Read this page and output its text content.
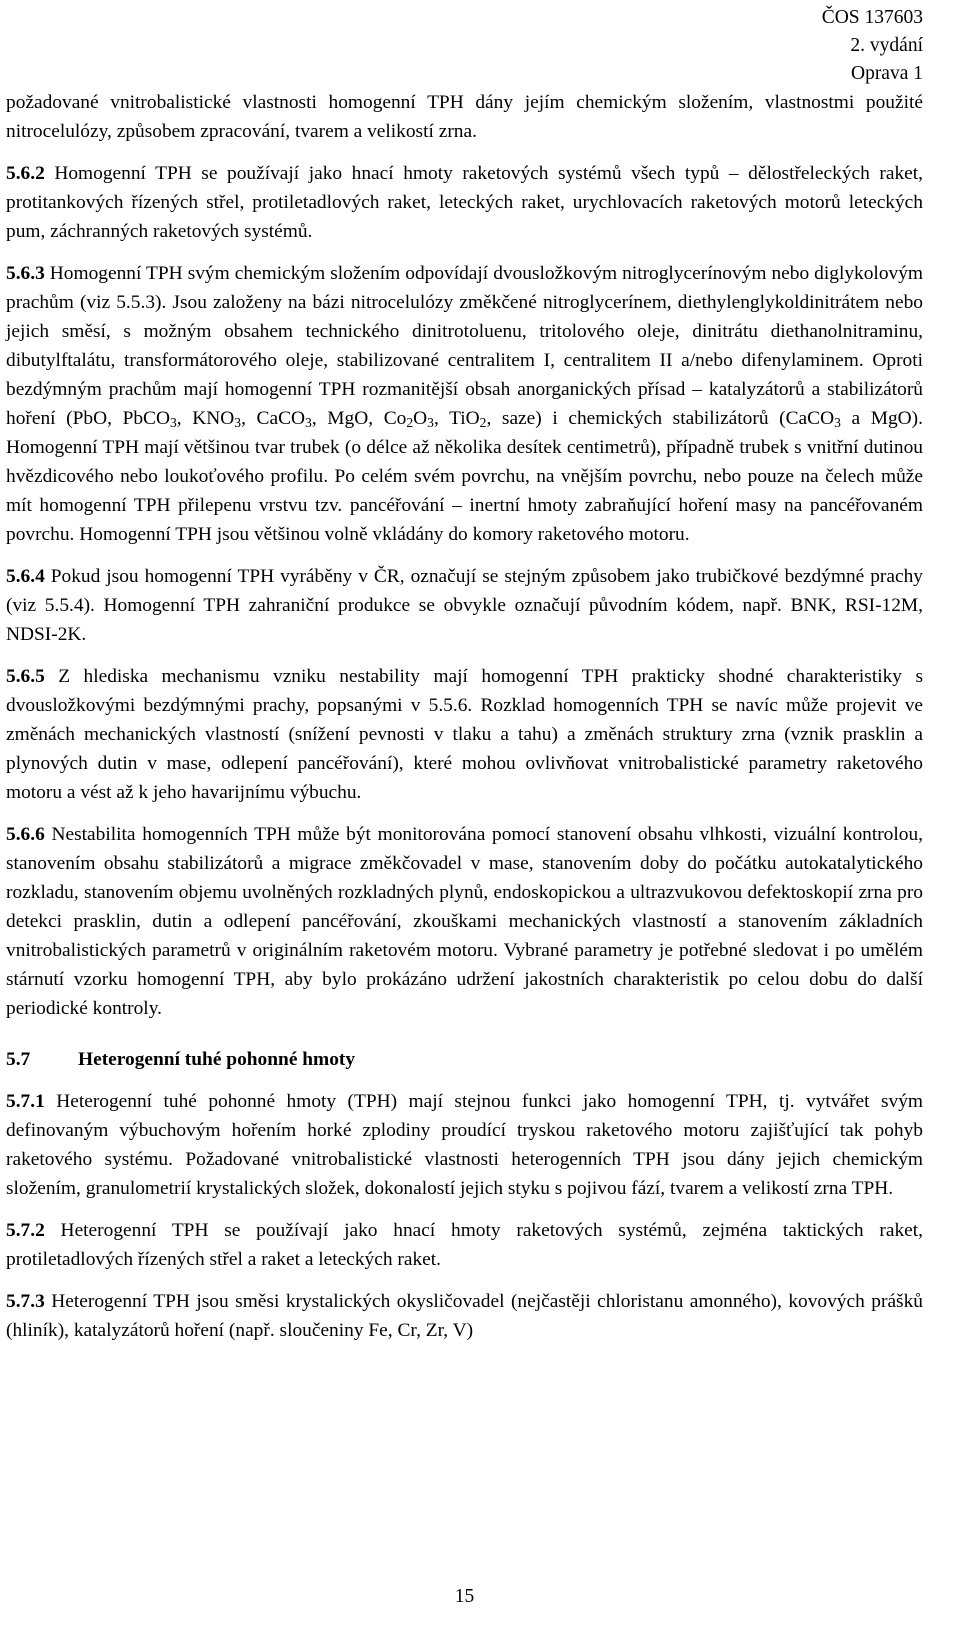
ČOS 137603
2. vydání
Oprava 1

požadované vnitrobalistické vlastnosti homogenní TPH dány jejím chemickým složením, vlastnostmi použité nitrocelulózy, způsobem zpracování, tvarem a velikostí zrna.

5.6.2 Homogenní TPH se používají jako hnací hmoty raketových systémů všech typů – dělostřeleckých raket, protitankových řízených střel, protiletadlových raket, leteckých raket, urychlovacích raketových motorů leteckých pum, záchranných raketových systémů.

5.6.3 Homogenní TPH svým chemickým složením odpovídají dvousložkovým nitroglycerínovým nebo diglykolovým prachům (viz 5.5.3). Jsou založeny na bázi nitrocelulózy změkčené nitroglycerínem, diethylenglykoldinitrátem nebo jejich směsí, s možným obsahem technického dinitrotoluenu, tritolového oleje, dinitrátu diethanolnitraminu, dibutylftalátu, transformátorového oleje, stabilizované centralitem I, centralitem II a/nebo difenylaminem. Oproti bezdýmným prachům mají homogenní TPH rozmanitější obsah anorganických přísad – katalyzátorů a stabilizátorů hoření (PbO, PbCO$_3$, $KNO_3$, CaCO$_3$, MgO, $Co_2O_3$, TiO$_2$, saze) i chemických stabilizátorů (CaCO$_3$ a MgO). Homogenní TPH mají většinou tvar trubek (o délce až několika desítek centimetrů), případně trubek s vnitřní dutinou hvězdicového nebo loukoťového profilu. Po celém svém povrchu, na vnějším povrchu, nebo pouze na čelech může mít homogenní TPH přilepenu vrstvu tzv. pancéřování – inertní hmoty zabraňující hoření masy na pancéřovaném povrchu. Homogenní TPH jsou většinou volně vkládány do komory raketového motoru.

5.6.4 Pokud jsou homogenní TPH vyráběny v ČR, označují se stejným způsobem jako trubičkové bezdýmné prachy (viz 5.5.4). Homogenní TPH zahraniční produkce se obvykle označují původním kódem, např. BNK, RSI-12M, NDSI-2K.

5.6.5 Z hlediska mechanismu vzniku nestability mají homogenní TPH prakticky shodné charakteristiky s dvousložkovými bezdýmnými prachy, popsanými v 5.5.6. Rozklad homogenních TPH se navíc může projevit ve změnách mechanických vlastností (snížení pevnosti v tlaku a tahu) a změnách struktury zrna (vznik prasklin a plynových dutin v mase, odlepení pancéřování), které mohou ovlivňovat vnitrobalistické parametry raketového motoru a vést až k jeho havarijnímu výbuchu.

5.6.6 Nestabilita homogenních TPH může být monitorována pomocí stanovení obsahu vlhkosti, vizuální kontrolou, stanovením obsahu stabilizátorů a migrace změkčovadel v mase, stanovením doby do počátku autokatalytického rozkladu, stanovením objemu uvolněných rozkladných plynů, endoskopickou a ultrazvukovou defektoskopií zrna pro detekci prasklin, dutin a odlepení pancéřování, zkouškami mechanických vlastností a stanovením základních vnitrobalistických parametrů v originálním raketovém motoru. Vybrané parametry je potřebné sledovat i po umělém stárnutí vzorku homogenní TPH, aby bylo prokázáno udržení jakostních charakteristik po celou dobu do další periodické kontroly.

5.7 Heterogenní tuhé pohonné hmoty

5.7.1 Heterogenní tuhé pohonné hmoty (TPH) mají stejnou funkci jako homogenní TPH, tj. vytvářet svým definovaným výbuchovým hořením horké zplodiny proudící tryskou raketového motoru zajišťující tak pohyb raketového systému. Požadované vnitrobalistické vlastnosti heterogenních TPH jsou dány jejich chemickým složením, granulometrií krystalických složek, dokonalostí jejich styku s pojivou fází, tvarem a velikostí zrna TPH.

5.7.2 Heterogenní TPH se používají jako hnací hmoty raketových systémů, zejména taktických raket, protiletadlových řízených střel a raket a leteckých raket.

5.7.3 Heterogenní TPH jsou směsi krystalických okysličovadel (nejčastěji chloristanu amonného), kovových prášků (hliník), katalyzátorů hoření (např. sloučeniny Fe, Cr, Zr, V)

15
